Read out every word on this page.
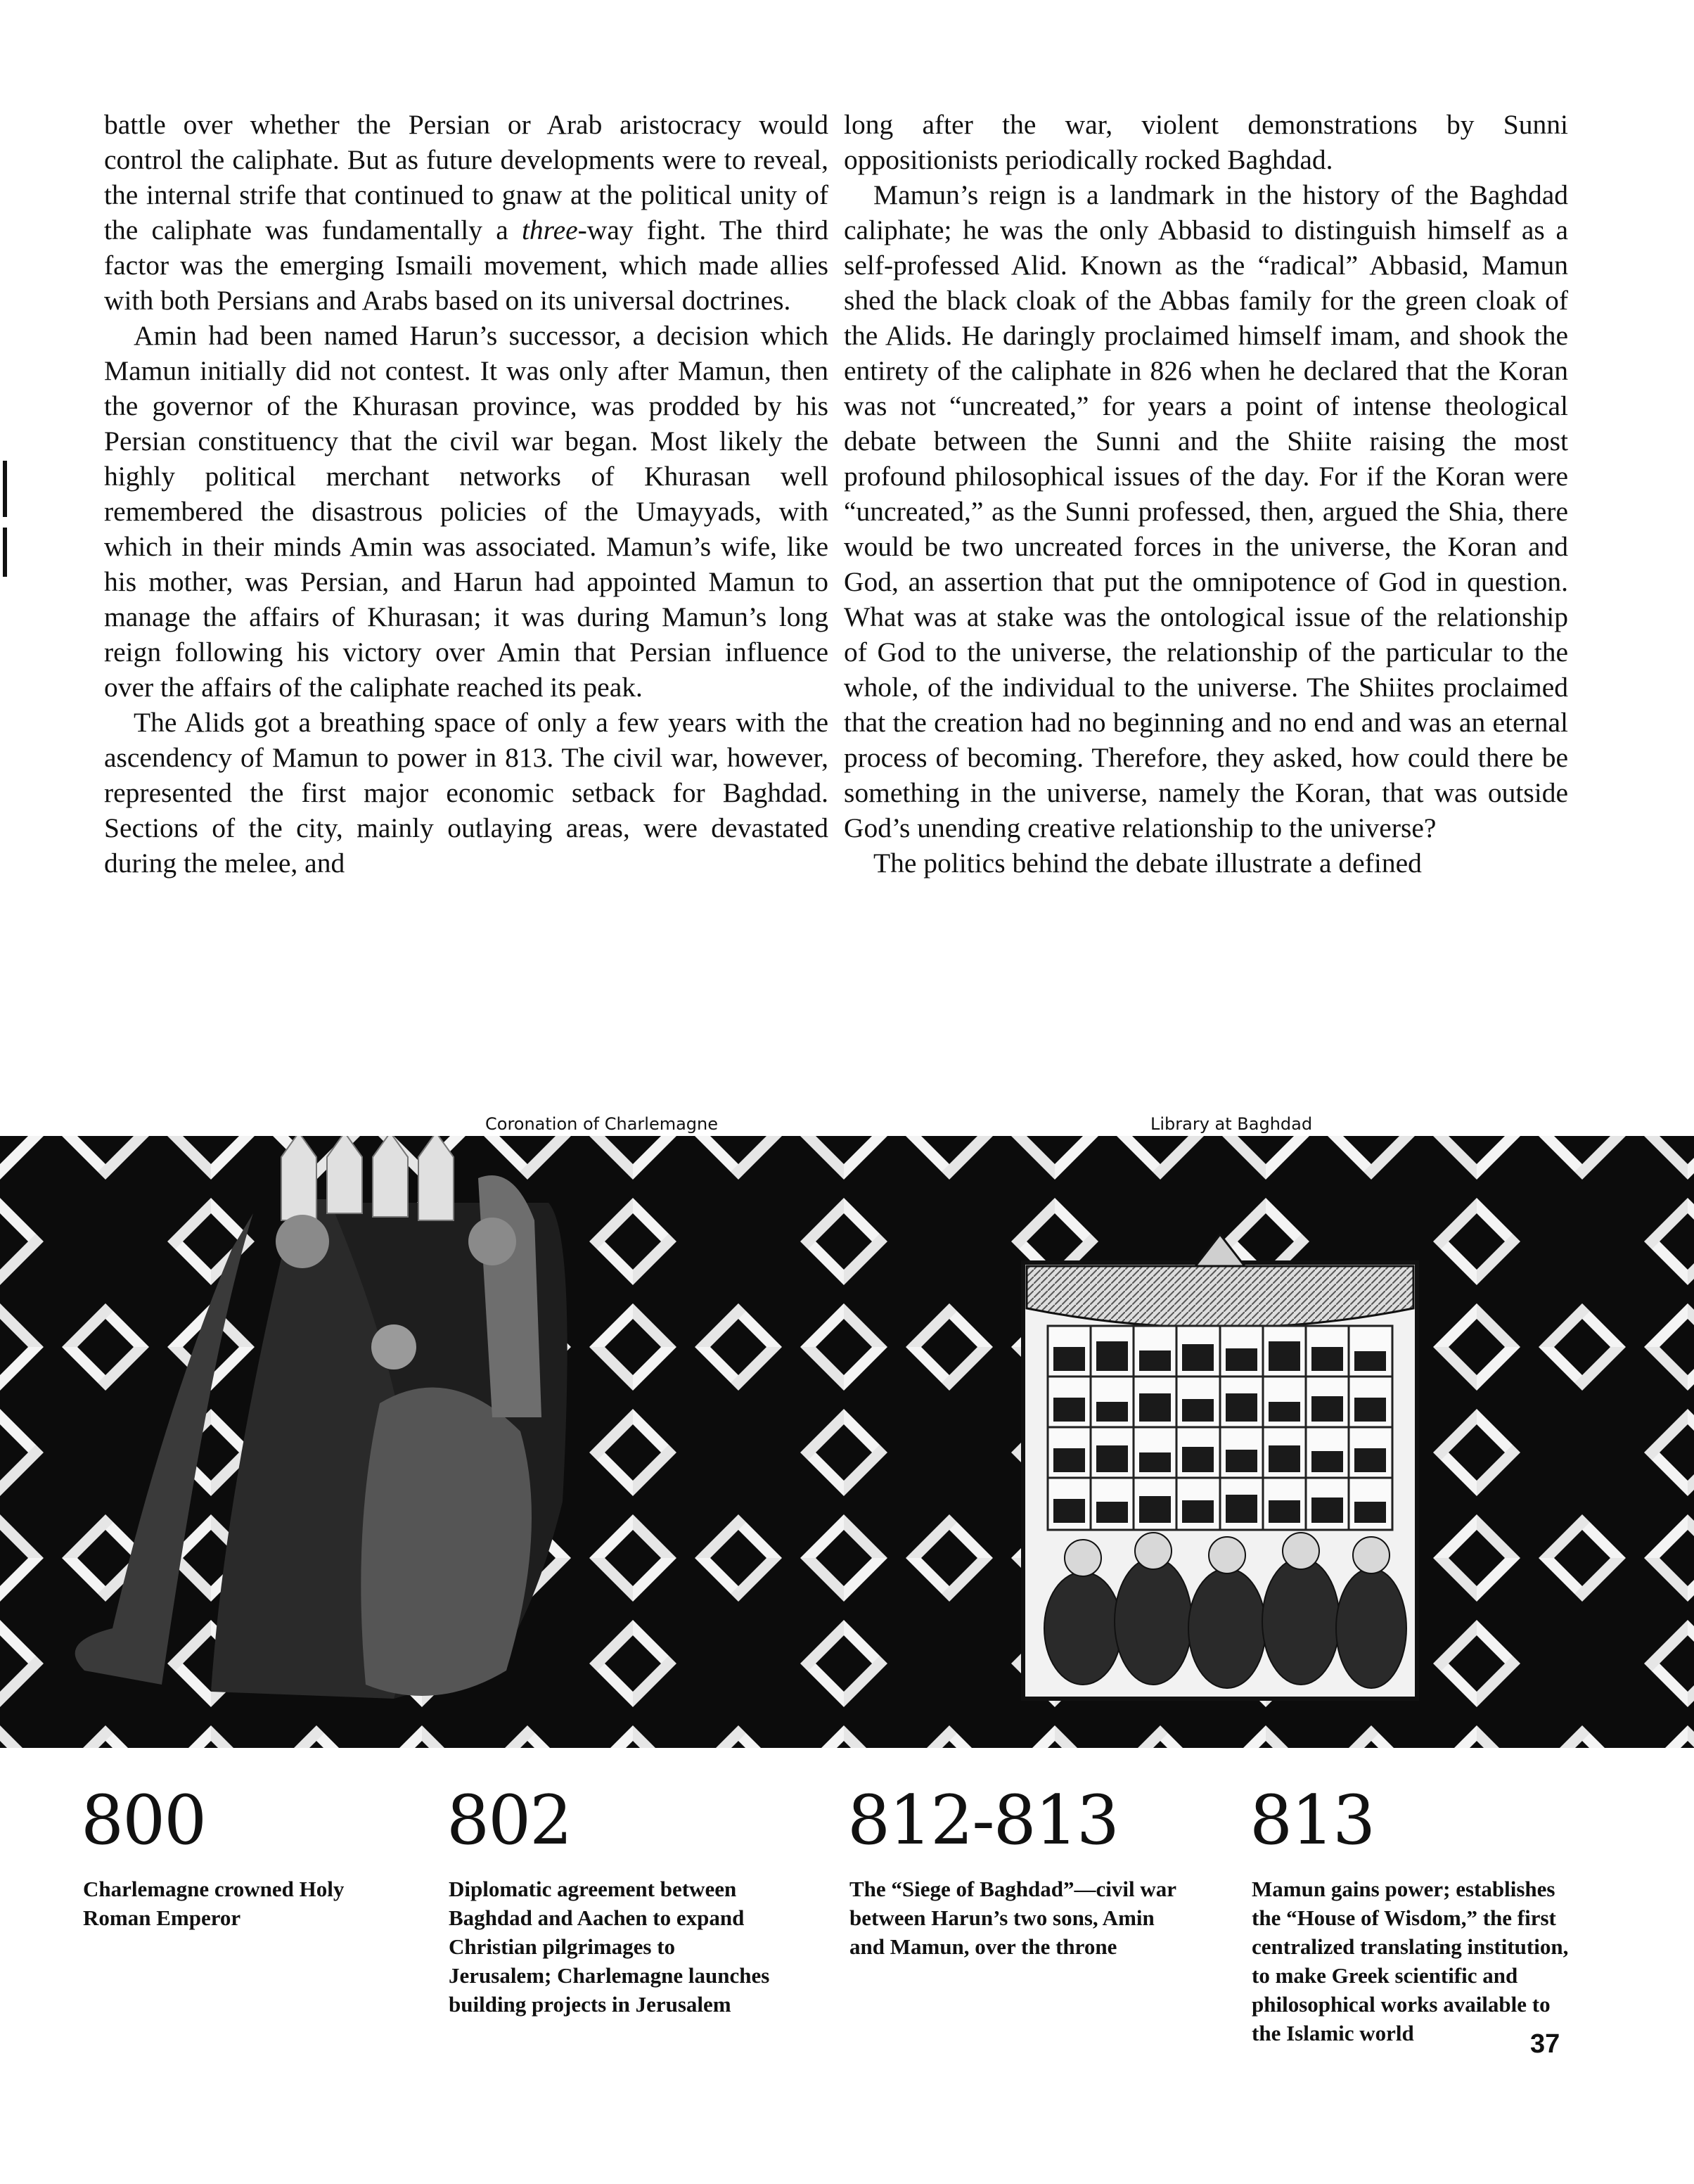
battle over whether the Persian or Arab aristocracy would control the caliphate. But as future developments were to reveal, the internal strife that continued to gnaw at the political unity of the caliphate was fundamentally a three-way fight. The third factor was the emerging Ismaili movement, which made allies with both Persians and Arabs based on its universal doctrines.

Amin had been named Harun’s successor, a decision which Mamun initially did not contest. It was only after Mamun, then the governor of the Khurasan province, was prodded by his Persian constituency that the civil war began. Most likely the highly political merchant networks of Khurasan well remembered the disastrous policies of the Umayyads, with which in their minds Amin was associated. Mamun’s wife, like his mother, was Persian, and Harun had appointed Mamun to manage the affairs of Khurasan; it was during Mamun’s long reign following his victory over Amin that Persian influence over the affairs of the caliphate reached its peak.

The Alids got a breathing space of only a few years with the ascendency of Mamun to power in 813. The civil war, however, represented the first major economic setback for Baghdad. Sections of the city, mainly outlaying areas, were devastated during the melee, and

long after the war, violent demonstrations by Sunni oppositionists periodically rocked Baghdad.

Mamun’s reign is a landmark in the history of the Baghdad caliphate; he was the only Abbasid to distinguish himself as a self-professed Alid. Known as the “radical” Abbasid, Mamun shed the black cloak of the Abbas family for the green cloak of the Alids. He daringly proclaimed himself imam, and shook the entirety of the caliphate in 826 when he declared that the Koran was not “uncreated,” for years a point of intense theological debate between the Sunni and the Shiite raising the most profound philosophical issues of the day. For if the Koran were “uncreated,” as the Sunni professed, then, argued the Shia, there would be two uncreated forces in the universe, the Koran and God, an assertion that put the omnipotence of God in question. What was at stake was the ontological issue of the relationship of God to the universe, the relationship of the particular to the whole, of the individual to the universe. The Shiites proclaimed that the creation had no beginning and no end and was an eternal process of becoming. Therefore, they asked, how could there be something in the universe, namely the Koran, that was outside God’s unending creative relationship to the universe?

The politics behind the debate illustrate a defined

Coronation of Charlemagne	Library at Baghdad
800
Charlemagne crowned Holy Roman Emperor
802
Diplomatic agreement between Baghdad and Aachen to expand Christian pilgrimages to Jerusalem; Charlemagne launches building projects in Jerusalem
812-813
The “Siege of Baghdad”—civil war between Harun’s two sons, Amin and Mamun, over the throne
813
Mamun gains power; establishes the “House of Wisdom,” the first centralized translating institution, to make Greek scientific and philosophical works available to the Islamic world	37
